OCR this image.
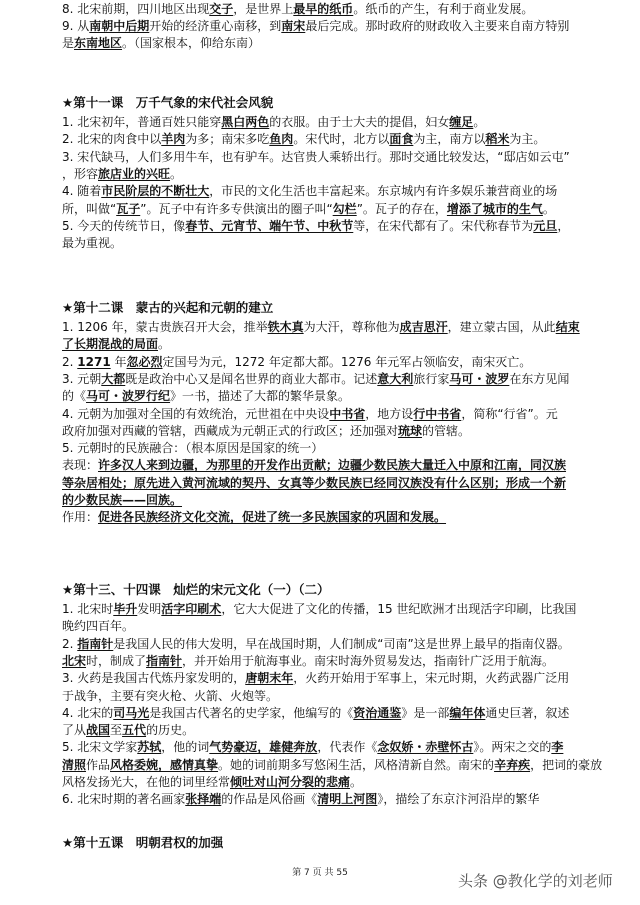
8. 北宋前期，四川地区出现交子，是世界上最早的纸币。纸币的产生，有利于商业发展。
9. 从南朝中后期开始的经济重心南移，到南宋最后完成。那时政府的财政收入主要来自南方特别
是东南地区。（国家根本，仰给东南）
★第十一课　万千气象的宋代社会风貌
1. 北宋初年，普通百姓只能穿黑白两色的衣服。由于士大夫的提倡，妇女缠足。
2. 北宋的肉食中以羊肉为多；南宋多吃鱼肉。宋代时，北方以面食为主，南方以稻米为主。
3. 宋代缺马，人们多用牛车，也有驴车。达官贵人乘轿出行。那时交通比较发达，“邸店如云屯”
，形容旅店业的兴旺。
4. 随着市民阶层的不断壮大，市民的文化生活也丰富起来。东京城内有许多娱乐兼营商业的场
所，叫做“瓦子”。瓦子中有许多专供演出的圈子叫“勾栏”。瓦子的存在，增添了城市的生气。
5. 今天的传统节日，像春节、元宵节、端午节、中秋节等，在宋代都有了。宋代称春节为元旦，
最为重视。
★第十二课　蒙古的兴起和元朝的建立
1. 1206 年，蒙古贵族召开大会，推举铁木真为大汗，尊称他为成吉思汗，建立蒙古国，从此结束
了长期混战的局面。
2. 1271 年忽必烈定国号为元，1272 年定都大都。1276 年元军占领临安，南宋灭亡。
3. 元朝大都既是政治中心又是闻名世界的商业大都市。记述意大利旅行家马可・波罗在东方见闻
的《马可・波罗行纪》一书，描述了大都的繁华景象。
4. 元朝为加强对全国的有效统治，元世祖在中央设中书省，地方设行中书省，简称“行省”。元
政府加强对西藏的管辖，西藏成为元朝正式的行政区；还加强对琉球的管辖。
5. 元朝时的民族融合：（根本原因是国家的统一）
表现：许多汉人来到边疆，为那里的开发作出贡献；边疆少数民族大量迁入中原和江南，同汉族
等杂居相处；原先进入黄河流域的契丹、女真等少数民族已经同汉族没有什么区别；形成一个新
的少数民族——回族。
作用：促进各民族经济文化交流，促进了统一多民族国家的巩固和发展。
★第十三、十四课　灿烂的宋元文化（一）（二）
1. 北宋时毕升发明活字印刷术，它大大促进了文化的传播，15 世纪欧洲才出现活字印刷，比我国
晚约四百年。
2. 指南针是我国人民的伟大发明，早在战国时期，人们制成“司南”这是世界上最早的指南仪器。
北宋时，制成了指南针，并开始用于航海事业。南宋时海外贸易发达，指南针广泛用于航海。
3. 火药是我国古代炼丹家发明的，唐朝末年，火药开始用于军事上，宋元时期，火药武器广泛用
于战争，主要有突火枪、火箭、火炮等。
4. 北宋的司马光是我国古代著名的史学家，他编写的《资治通鉴》是一部编年体通史巨著，叙述
了从战国至五代的历史。
5. 北宋文学家苏轼，他的词气势豪迈，雄健奔放，代表作《念奴娇・赤壁怀古》。两宋之交的李
清照作品风格委婉，感情真挚。她的词前期多写悠闲生活，风格清新自然。南宋的辛弃疾，把词的豪放
风格发扬光大，在他的词里经常倾吐对山河分裂的悲痛。
6. 北宋时期的著名画家张择端的作品是风俗画《清明上河图》，描绘了东京汴河沿岸的繁华
★第十五课　明朝君权的加强
第 7 页 共 55	头条 @教化学的刘老师
